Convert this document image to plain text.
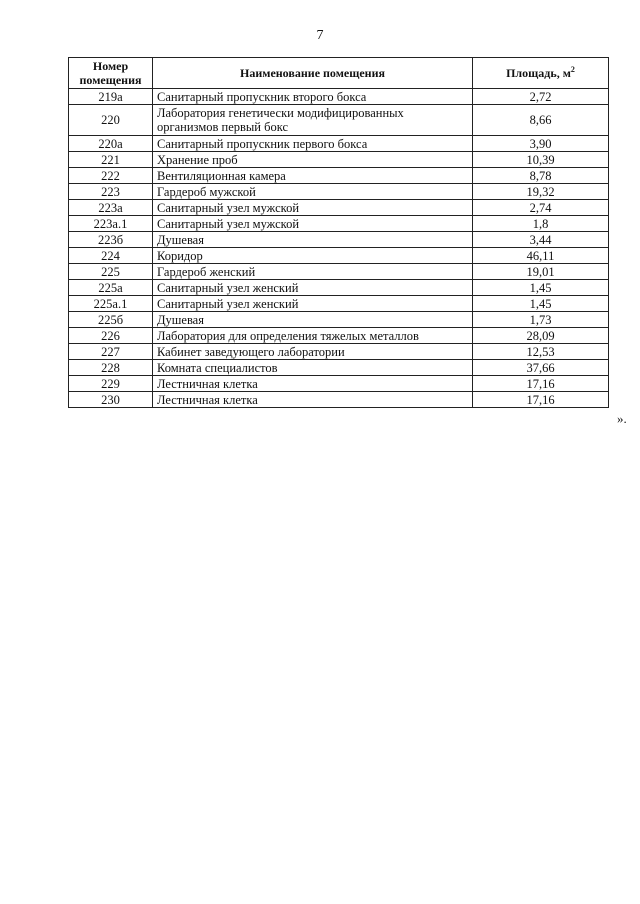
7
Номер помещения	Наименование помещения	Площадь, $м^2$
219а	Санитарный пропускник второго бокса	2,72
220	Лаборатория генетически модифицированных организмов первый бокс	8,66
220а	Санитарный пропускник первого бокса	3,90
221	Хранение проб	10,39
222	Вентиляционная камера	8,78
223	Гардероб мужской	19,32
223а	Санитарный узел мужской	2,74
223а.1	Санитарный узел мужской	1,8
223б	Душевая	3,44
224	Коридор	46,11
225	Гардероб женский	19,01
225а	Санитарный узел женский	1,45
225а.1	Санитарный узел женский	1,45
225б	Душевая	1,73
226	Лаборатория для определения тяжелых металлов	28,09
227	Кабинет заведующего лаборатории	12,53
228	Комната специалистов	37,66
229	Лестничная клетка	17,16
230	Лестничная клетка	17,16
».
